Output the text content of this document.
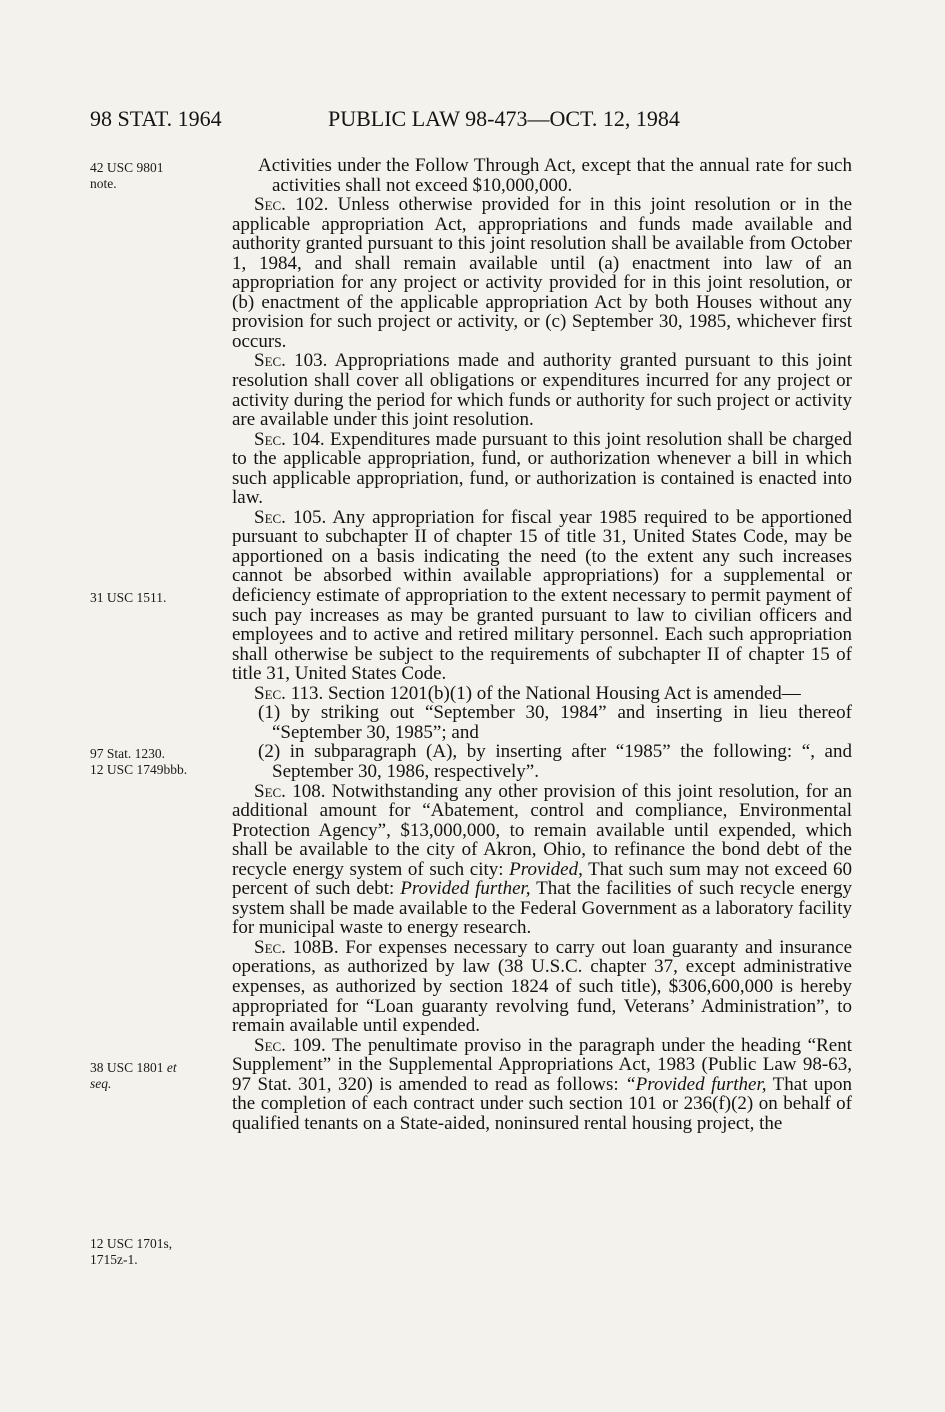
98 STAT. 1964	PUBLIC LAW 98-473—OCT. 12, 1984
42 USC 9801
note.
31 USC 1511.
97 Stat. 1230.
12 USC 1749bbb.
38 USC 1801 et
seq.
12 USC 1701s,
1715z-1.

Activities under the Follow Through Act, except that the annual rate for such activities shall not exceed $10,000,000.

Sec. 102. Unless otherwise provided for in this joint resolution or in the applicable appropriation Act, appropriations and funds made available and authority granted pursuant to this joint resolution shall be available from October 1, 1984, and shall remain available until (a) enactment into law of an appropriation for any project or activity provided for in this joint resolution, or (b) enactment of the applicable appropriation Act by both Houses without any provision for such project or activity, or (c) September 30, 1985, whichever first occurs.

Sec. 103. Appropriations made and authority granted pursuant to this joint resolution shall cover all obligations or expenditures incurred for any project or activity during the period for which funds or authority for such project or activity are available under this joint resolution.

Sec. 104. Expenditures made pursuant to this joint resolution shall be charged to the applicable appropriation, fund, or authorization whenever a bill in which such applicable appropriation, fund, or authorization is contained is enacted into law.

Sec. 105. Any appropriation for fiscal year 1985 required to be apportioned pursuant to subchapter II of chapter 15 of title 31, United States Code, may be apportioned on a basis indicating the need (to the extent any such increases cannot be absorbed within available appropriations) for a supplemental or deficiency estimate of appropriation to the extent necessary to permit payment of such pay increases as may be granted pursuant to law to civilian officers and employees and to active and retired military personnel. Each such appropriation shall otherwise be subject to the requirements of subchapter II of chapter 15 of title 31, United States Code.

Sec. 113. Section 1201(b)(1) of the National Housing Act is amended—

(1) by striking out “September 30, 1984” and inserting in lieu thereof “September 30, 1985”; and

(2) in subparagraph (A), by inserting after “1985” the following: “, and September 30, 1986, respectively”.

Sec. 108. Notwithstanding any other provision of this joint resolution, for an additional amount for “Abatement, control and compliance, Environmental Protection Agency”, $13,000,000, to remain available until expended, which shall be available to the city of Akron, Ohio, to refinance the bond debt of the recycle energy system of such city: Provided, That such sum may not exceed 60 percent of such debt: Provided further, That the facilities of such recycle energy system shall be made available to the Federal Government as a laboratory facility for municipal waste to energy research.

Sec. 108B. For expenses necessary to carry out loan guaranty and insurance operations, as authorized by law (38 U.S.C. chapter 37, except administrative expenses, as authorized by section 1824 of such title), $306,600,000 is hereby appropriated for “Loan guaranty revolving fund, Veterans’ Administration”, to remain available until expended.

Sec. 109. The penultimate proviso in the paragraph under the heading “Rent Supplement” in the Supplemental Appropriations Act, 1983 (Public Law 98-63, 97 Stat. 301, 320) is amended to read as follows: “Provided further, That upon the completion of each contract under such section 101 or 236(f)(2) on behalf of qualified tenants on a State-aided, noninsured rental housing project, the
